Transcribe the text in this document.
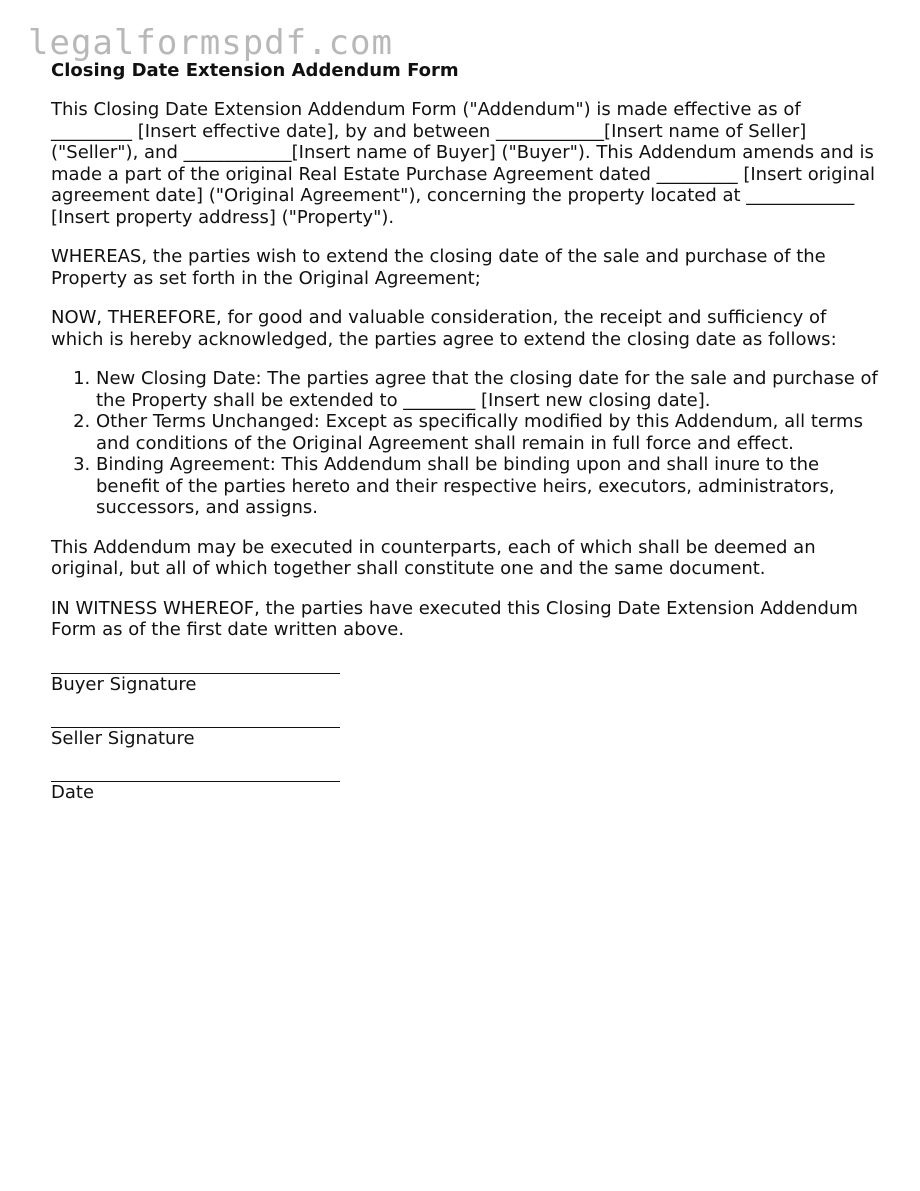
legalformspdf.com
Closing Date Extension Addendum Form

This Closing Date Extension Addendum Form ("Addendum") is made effective as of _________ [Insert effective date], by and between ____________[Insert name of Seller] ("Seller"), and ____________[Insert name of Buyer] ("Buyer"). This Addendum amends and is made a part of the original Real Estate Purchase Agreement dated _________ [Insert original agreement date] ("Original Agreement"), concerning the property located at ____________ [Insert property address] ("Property").

WHEREAS, the parties wish to extend the closing date of the sale and purchase of the Property as set forth in the Original Agreement;

NOW, THEREFORE, for good and valuable consideration, the receipt and sufficiency of which is hereby acknowledged, the parties agree to extend the closing date as follows:

1. New Closing Date: The parties agree that the closing date for the sale and purchase of the Property shall be extended to ________ [Insert new closing date].
2. Other Terms Unchanged: Except as specifically modified by this Addendum, all terms and conditions of the Original Agreement shall remain in full force and effect.
3. Binding Agreement: This Addendum shall be binding upon and shall inure to the benefit of the parties hereto and their respective heirs, executors, administrators, successors, and assigns.

This Addendum may be executed in counterparts, each of which shall be deemed an original, but all of which together shall constitute one and the same document.

IN WITNESS WHEREOF, the parties have executed this Closing Date Extension Addendum Form as of the first date written above.

Buyer Signature
Seller Signature
Date
